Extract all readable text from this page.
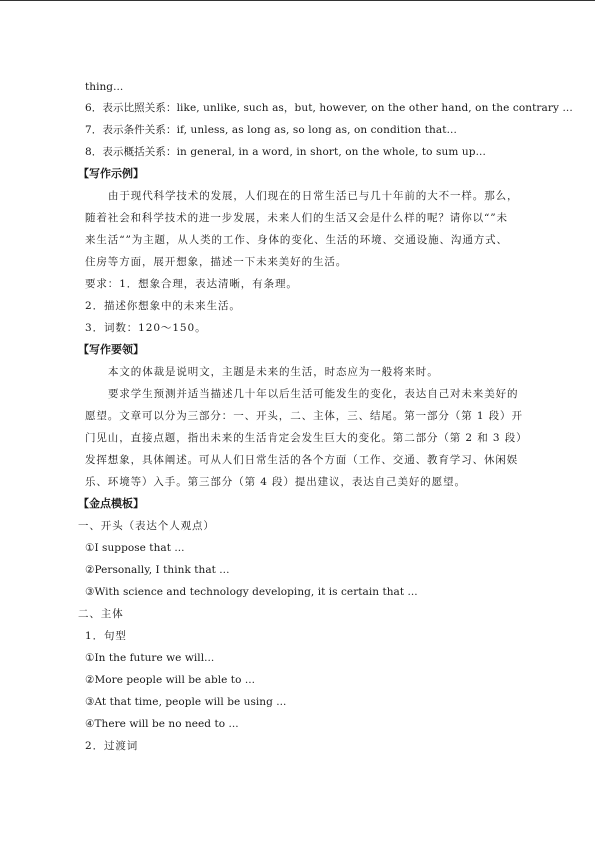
thing...
6．表示比照关系：like, unlike, such as，but, however, on the other hand, on the contrary ...
7．表示条件关系：if, unless, as long as, so long as, on condition that...
8．表示概括关系：in general, in a word, in short, on the whole, to sum up...
【写作示例】
由于现代科学技术的发展，人们现在的日常生活已与几十年前的大不一样。那么，
随着社会和科学技术的进一步发展，未来人们的生活又会是什么样的呢？请你以“”未
来生活“”为主题，从人类的工作、身体的变化、生活的环境、交通设施、沟通方式、
住房等方面，展开想象，描述一下未来美好的生活。
要求：1．想象合理，表达清晰，有条理。
2．描述你想象中的未来生活。
3．词数：120～150。
【写作要领】
本文的体裁是说明文，主题是未来的生活，时态应为一般将来时。
要求学生预测并适当描述几十年以后生活可能发生的变化，表达自己对未来美好的
愿望。文章可以分为三部分：一、开头，二、主体，三、结尾。第一部分（第 1 段）开
门见山，直接点题，指出未来的生活肯定会发生巨大的变化。第二部分（第 2 和 3 段）
发挥想象，具体阐述。可从人们日常生活的各个方面（工作、交通、教育学习、休闲娱
乐、环境等）入手。第三部分（第 4 段）提出建议，表达自己美好的愿望。
【金点模板】
一、开头（表达个人观点）
①I suppose that ...
②Personally, I think that ...
③With science and technology developing, it is certain that ...
二、主体
1．句型
①In the future we will...
②More people will be able to ...
③At that time, people will be using ...
④There will be no need to ...
2．过渡词
